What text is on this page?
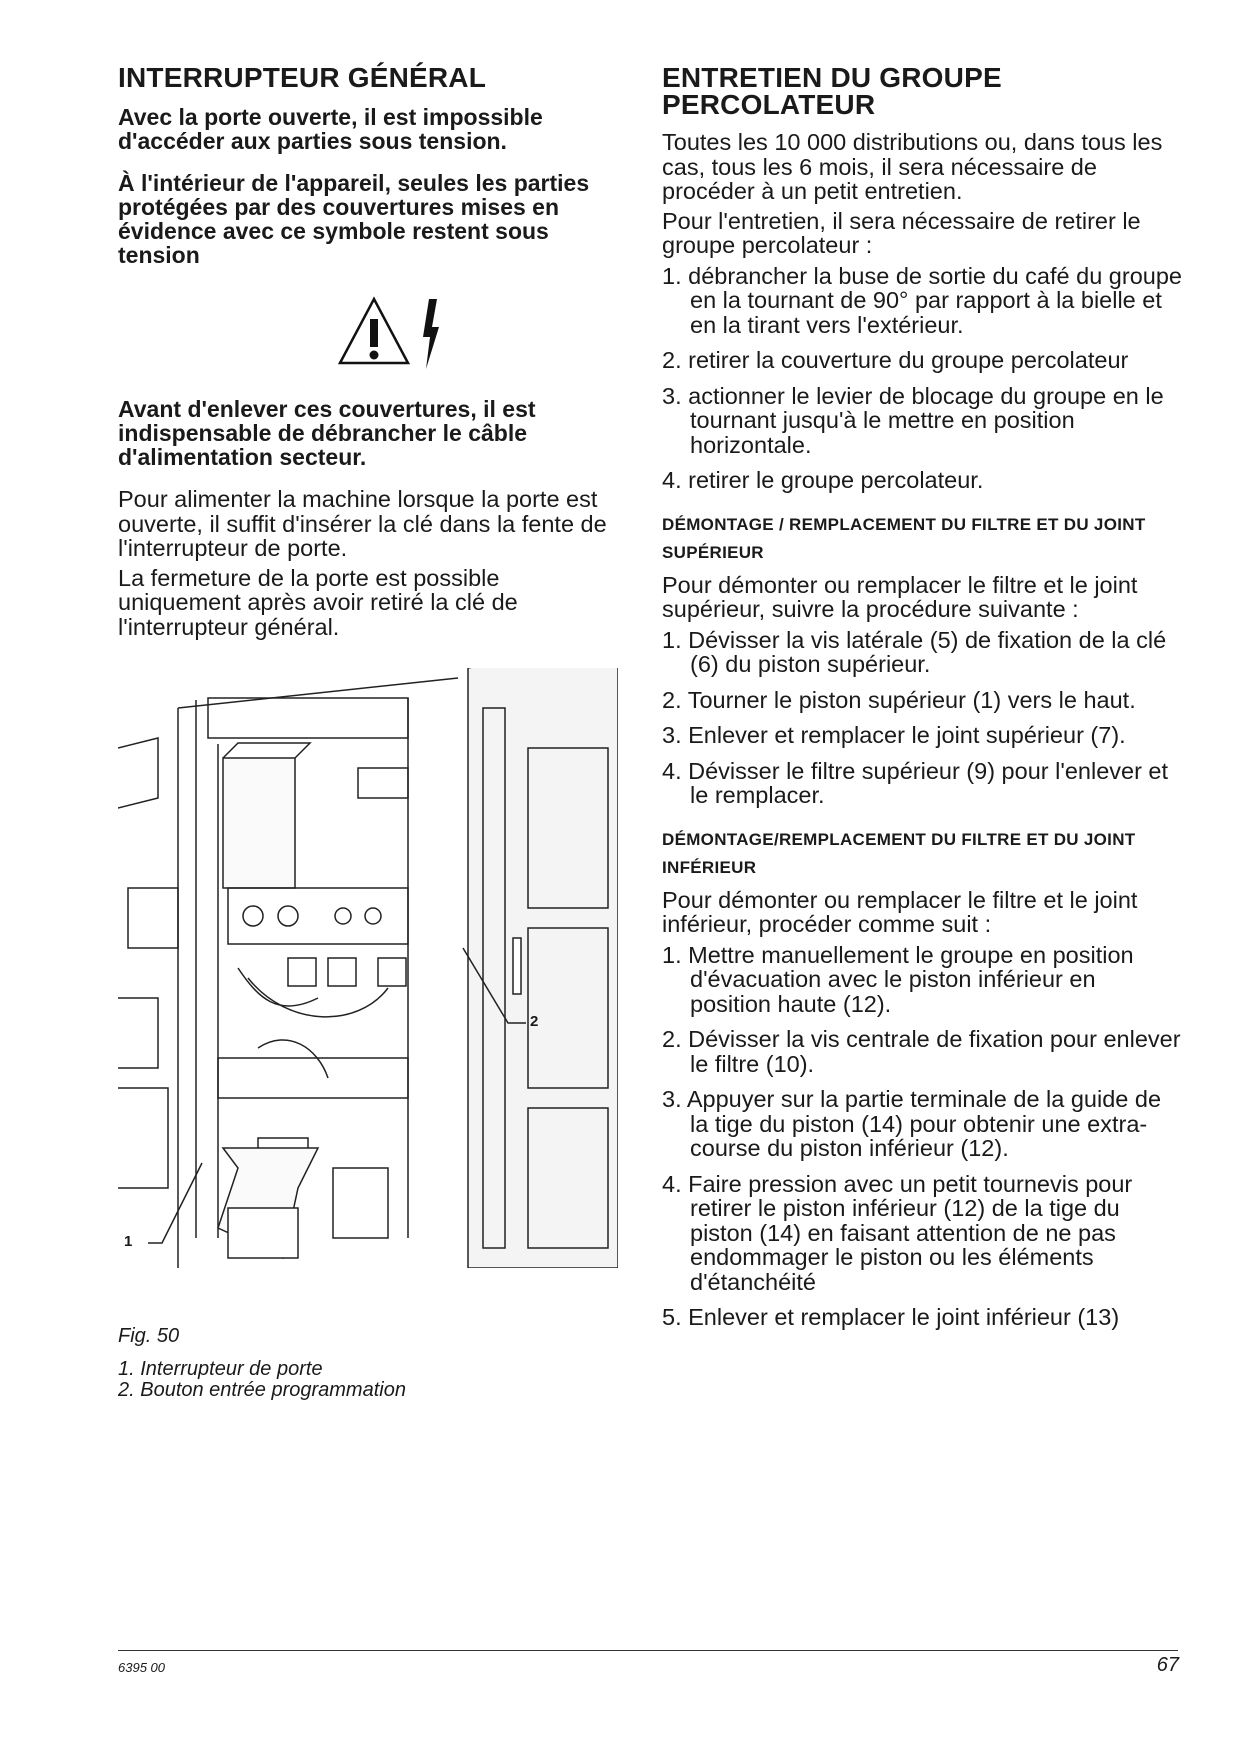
INTERRUPTEUR GÉNÉRAL

Avec la porte ouverte, il est impossible d'accéder aux parties sous tension.

À l'intérieur de l'appareil, seules les parties protégées par des couvertures mises en évidence avec ce symbole restent sous tension

Avant d'enlever ces couvertures, il est indispensable de débrancher le câble d'alimentation secteur.

Pour alimenter la machine lorsque la porte est ouverte, il suffit d'insérer la clé dans la fente de l'interrupteur de porte.

La fermeture de la porte est possible uniquement après avoir retiré la clé de l'interrupteur général.

1
2
Fig. 50
1. Interrupteur de porte
2. Bouton entrée programmation
ENTRETIEN DU GROUPE PERCOLATEUR

Toutes les 10 000 distributions ou, dans tous les cas, tous les 6 mois, il sera nécessaire de procéder à un petit entretien.

Pour l'entretien, il sera nécessaire de retirer le groupe percolateur :

1. débrancher la buse de sortie du café du groupe en la tournant de 90° par rapport à la bielle et en la tirant vers l'extérieur.
2. retirer la couverture du groupe percolateur
3. actionner le levier de blocage du groupe en le tournant jusqu'à le mettre en position horizontale.
4. retirer le groupe percolateur.
DÉMONTAGE / REMPLACEMENT DU FILTRE ET DU JOINT SUPÉRIEUR

Pour démonter ou remplacer le filtre et le joint supérieur, suivre la procédure suivante :

1. Dévisser la vis latérale (5) de fixation de la clé (6) du piston supérieur.
2. Tourner le piston supérieur (1) vers le haut.
3. Enlever et remplacer le joint supérieur (7).
4. Dévisser le filtre supérieur (9) pour l'enlever et le remplacer.
DÉMONTAGE/REMPLACEMENT DU FILTRE ET DU JOINT INFÉRIEUR

Pour démonter ou remplacer le filtre et le joint inférieur, procéder comme suit :

1. Mettre manuellement le groupe en position d'évacuation avec le piston inférieur en position haute (12).
2. Dévisser la vis centrale de fixation pour enlever le filtre (10).
3. Appuyer sur la partie terminale de la guide de la tige du piston (14) pour obtenir une extra-course du piston inférieur (12).
4. Faire pression avec un petit tournevis pour retirer le piston inférieur (12) de la tige du piston (14) en faisant attention de ne pas endommager le piston ou les éléments d'étanchéité
5. Enlever et remplacer le joint inférieur (13)
6395 00	67
